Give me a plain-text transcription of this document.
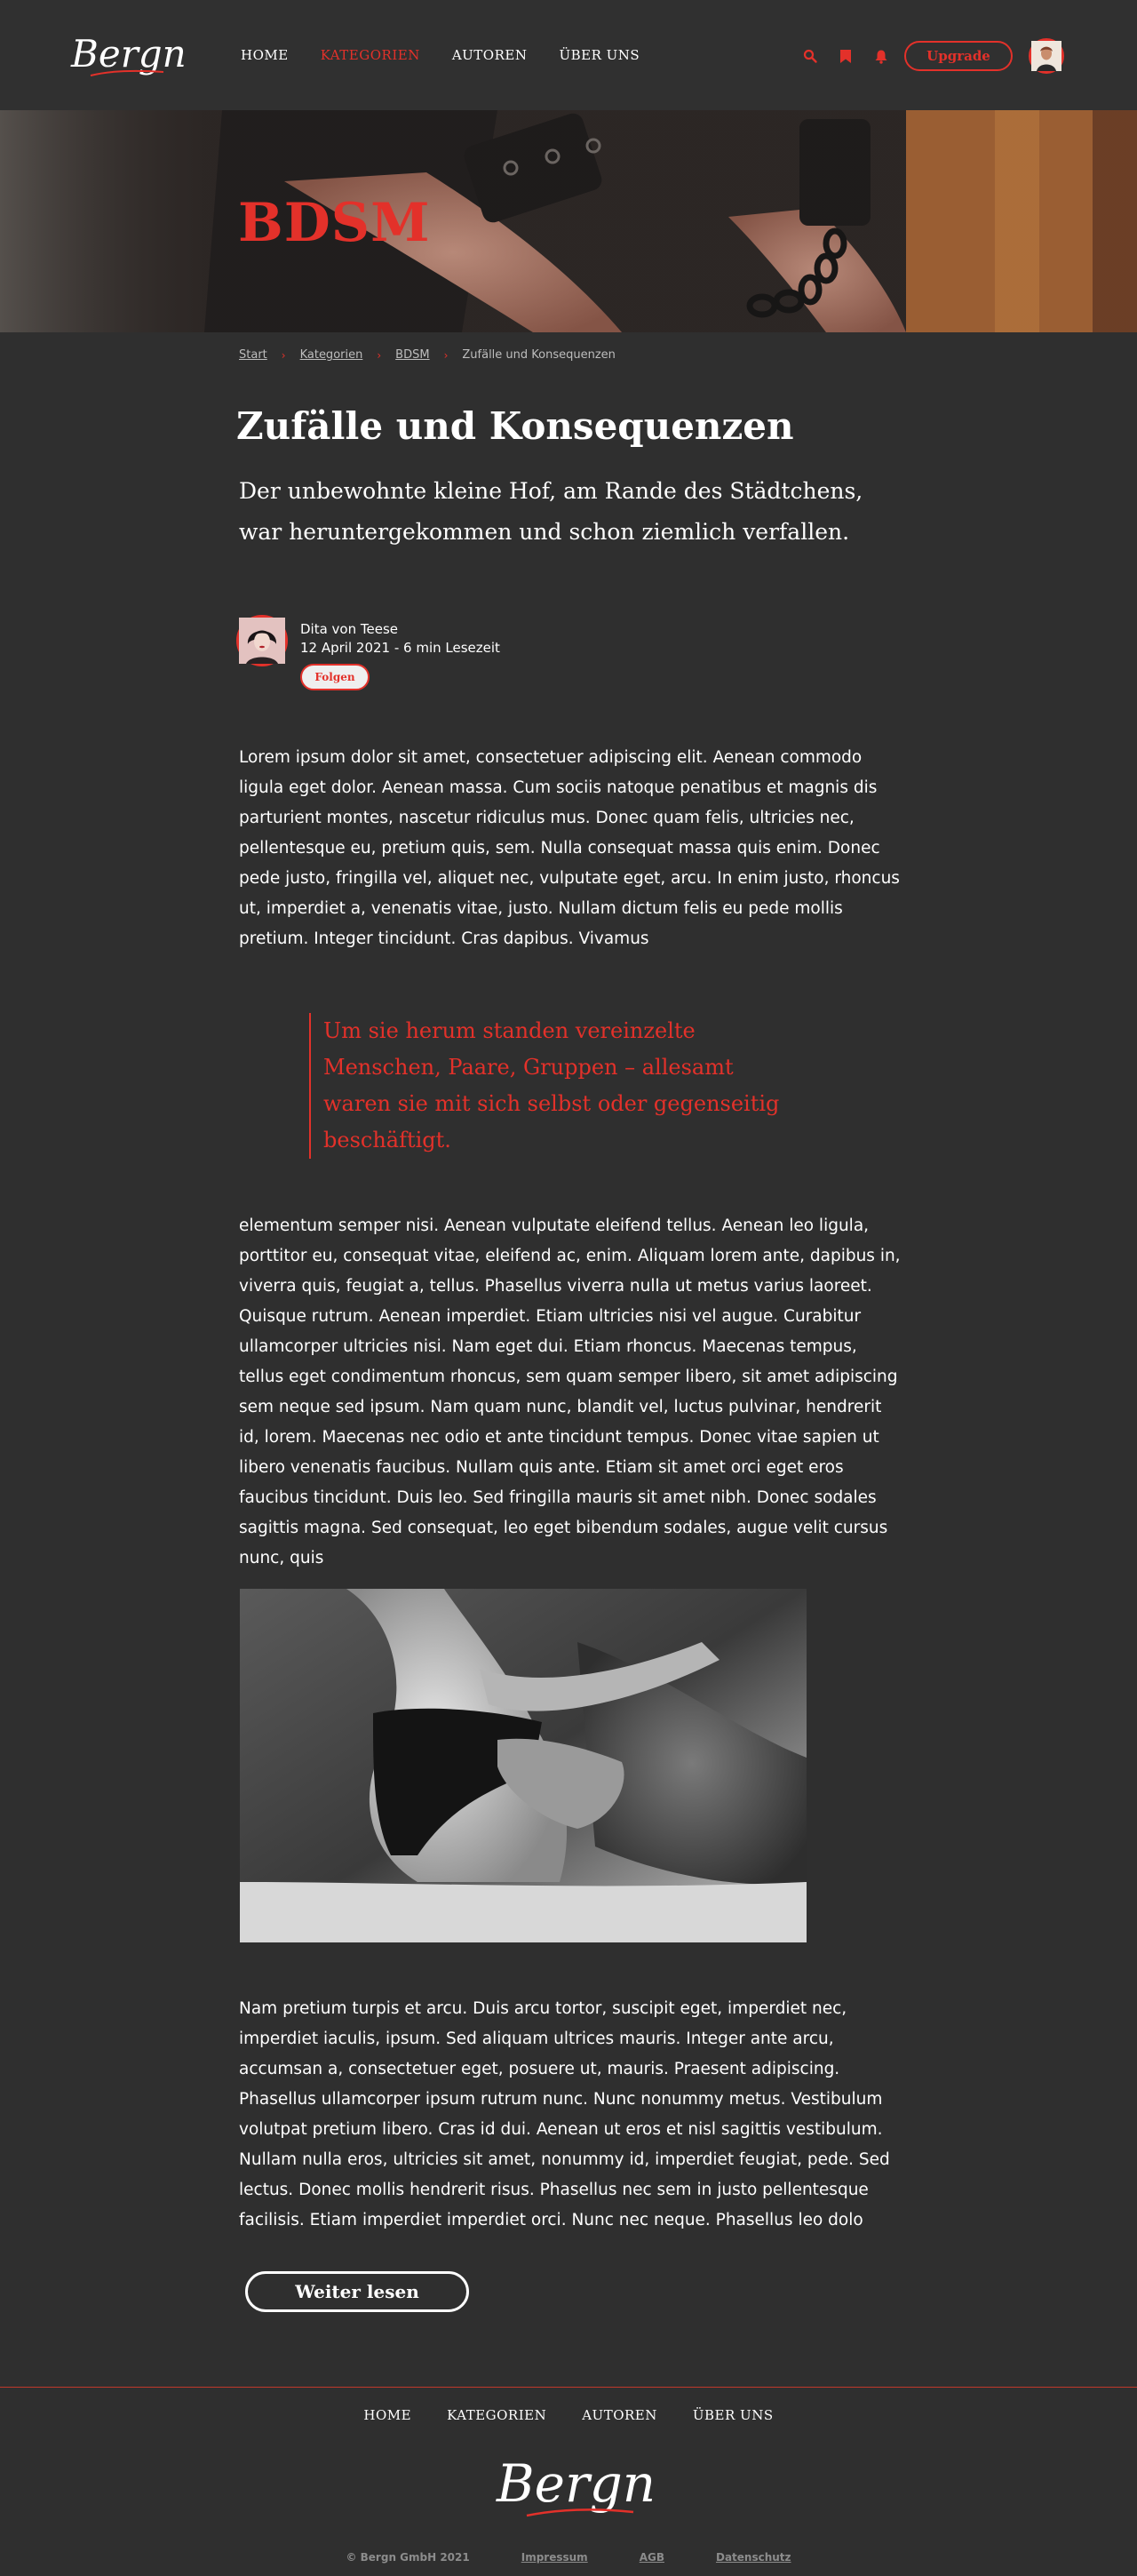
Bergn	HOME KATEGORIEN AUTOREN ÜBER UNS	Upgrade
BDSM
Start › Kategorien › BDSM › Zufälle und Konsequenzen
Zufälle und Konsequenzen

Der unbewohnte kleine Hof, am Rande des Städtchens, war heruntergekommen und schon ziemlich verfallen.

Dita von Teese
12 April 2021 - 6 min Lesezeit
Folgen

Lorem ipsum dolor sit amet, consectetuer adipiscing elit. Aenean commodo ligula eget dolor. Aenean massa. Cum sociis natoque penatibus et magnis dis parturient montes, nascetur ridiculus mus. Donec quam felis, ultricies nec, pellentesque eu, pretium quis, sem. Nulla consequat massa quis enim. Donec pede justo, fringilla vel, aliquet nec, vulputate eget, arcu. In enim justo, rhoncus ut, imperdiet a, venenatis vitae, justo. Nullam dictum felis eu pede mollis pretium. Integer tincidunt. Cras dapibus. Vivamus

Um sie herum standen vereinzelte Menschen, Paare, Gruppen – allesamt waren sie mit sich selbst oder gegenseitig beschäftigt.

elementum semper nisi. Aenean vulputate eleifend tellus. Aenean leo ligula, porttitor eu, consequat vitae, eleifend ac, enim. Aliquam lorem ante, dapibus in, viverra quis, feugiat a, tellus. Phasellus viverra nulla ut metus varius laoreet. Quisque rutrum. Aenean imperdiet. Etiam ultricies nisi vel augue. Curabitur ullamcorper ultricies nisi. Nam eget dui. Etiam rhoncus. Maecenas tempus, tellus eget condimentum rhoncus, sem quam semper libero, sit amet adipiscing sem neque sed ipsum. Nam quam nunc, blandit vel, luctus pulvinar, hendrerit id, lorem. Maecenas nec odio et ante tincidunt tempus. Donec vitae sapien ut libero venenatis faucibus. Nullam quis ante. Etiam sit amet orci eget eros faucibus tincidunt. Duis leo. Sed fringilla mauris sit amet nibh. Donec sodales sagittis magna. Sed consequat, leo eget bibendum sodales, augue velit cursus nunc, quis

Nam pretium turpis et arcu. Duis arcu tortor, suscipit eget, imperdiet nec, imperdiet iaculis, ipsum. Sed aliquam ultrices mauris. Integer ante arcu, accumsan a, consectetuer eget, posuere ut, mauris. Praesent adipiscing. Phasellus ullamcorper ipsum rutrum nunc. Nunc nonummy metus. Vestibulum volutpat pretium libero. Cras id dui. Aenean ut eros et nisl sagittis vestibulum. Nullam nulla eros, ultricies sit amet, nonummy id, imperdiet feugiat, pede. Sed lectus. Donec mollis hendrerit risus. Phasellus nec sem in justo pellentesque facilisis. Etiam imperdiet imperdiet orci. Nunc nec neque. Phasellus leo dolo

Weiter lesen
HOME	KATEGORIEN	AUTOREN	ÜBER UNS
Bergn
© Bergn GmbH 2021	Impressum	AGB	Datenschutz
